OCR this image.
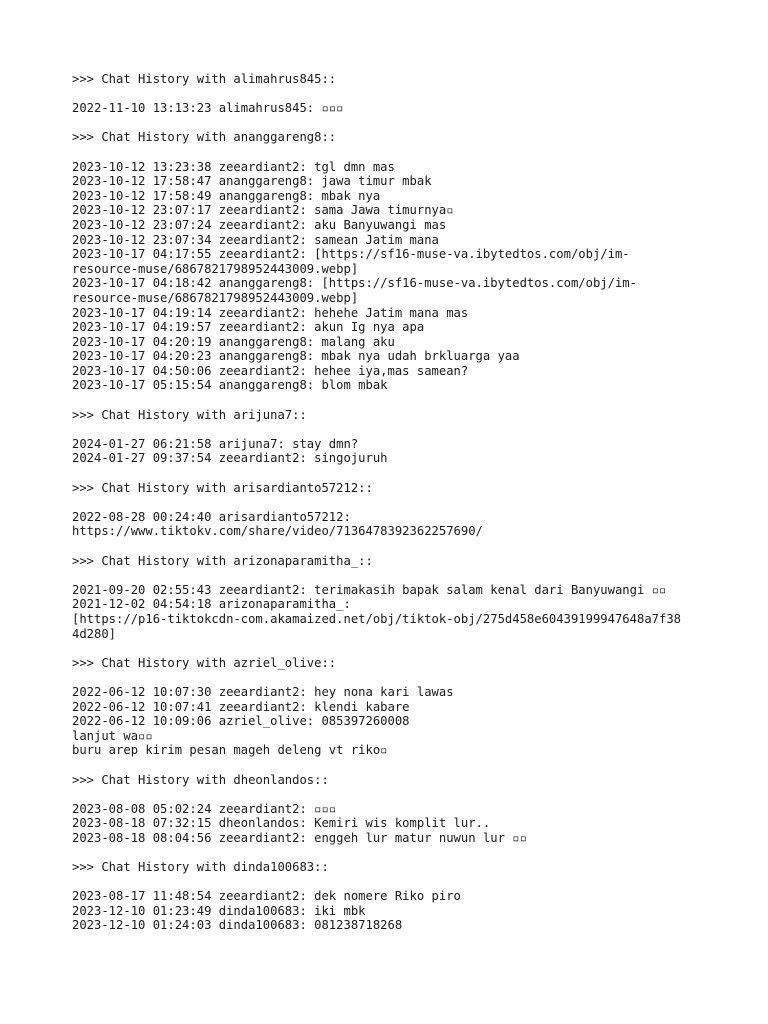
>>> Chat History with alimahrus845::
2022-11-10 13:13:23 alimahrus845: ▫▫▫
>>> Chat History with ananggareng8::
2023-10-12 13:23:38 zeeardiant2: tgl dmn mas
2023-10-12 17:58:47 ananggareng8: jawa timur mbak
2023-10-12 17:58:49 ananggareng8: mbak nya
2023-10-12 23:07:17 zeeardiant2: sama Jawa timurnya▫
2023-10-12 23:07:24 zeeardiant2: aku Banyuwangi mas
2023-10-12 23:07:34 zeeardiant2: samean Jatim mana
2023-10-17 04:17:55 zeeardiant2: [https://sf16-muse-va.ibytedtos.com/obj/im-
resource-muse/6867821798952443009.webp]
2023-10-17 04:18:42 ananggareng8: [https://sf16-muse-va.ibytedtos.com/obj/im-
resource-muse/6867821798952443009.webp]
2023-10-17 04:19:14 zeeardiant2: hehehe Jatim mana mas
2023-10-17 04:19:57 zeeardiant2: akun Ig nya apa
2023-10-17 04:20:19 ananggareng8: malang aku
2023-10-17 04:20:23 ananggareng8: mbak nya udah brkluarga yaa
2023-10-17 04:50:06 zeeardiant2: hehee iya,mas samean?
2023-10-17 05:15:54 ananggareng8: blom mbak
>>> Chat History with arijuna7::
2024-01-27 06:21:58 arijuna7: stay dmn?
2024-01-27 09:37:54 zeeardiant2: singojuruh
>>> Chat History with arisardianto57212::
2022-08-28 00:24:40 arisardianto57212:
https://www.tiktokv.com/share/video/7136478392362257690/
>>> Chat History with arizonaparamitha_::
2021-09-20 02:55:43 zeeardiant2: terimakasih bapak salam kenal dari Banyuwangi ▫▫
2021-12-02 04:54:18 arizonaparamitha_:
[https://p16-tiktokcdn-com.akamaized.net/obj/tiktok-obj/275d458e60439199947648a7f38
4d280]
>>> Chat History with azriel_olive::
2022-06-12 10:07:30 zeeardiant2: hey nona kari lawas
2022-06-12 10:07:41 zeeardiant2: klendi kabare
2022-06-12 10:09:06 azriel_olive: 085397260008
lanjut wa▫▫
buru arep kirim pesan mageh deleng vt riko▫
>>> Chat History with dheonlandos::
2023-08-08 05:02:24 zeeardiant2: ▫▫▫
2023-08-18 07:32:15 dheonlandos: Kemiri wis komplit lur..
2023-08-18 08:04:56 zeeardiant2: enggeh lur matur nuwun lur ▫▫
>>> Chat History with dinda100683::
2023-08-17 11:48:54 zeeardiant2: dek nomere Riko piro
2023-12-10 01:23:49 dinda100683: iki mbk
2023-12-10 01:24:03 dinda100683: 081238718268
